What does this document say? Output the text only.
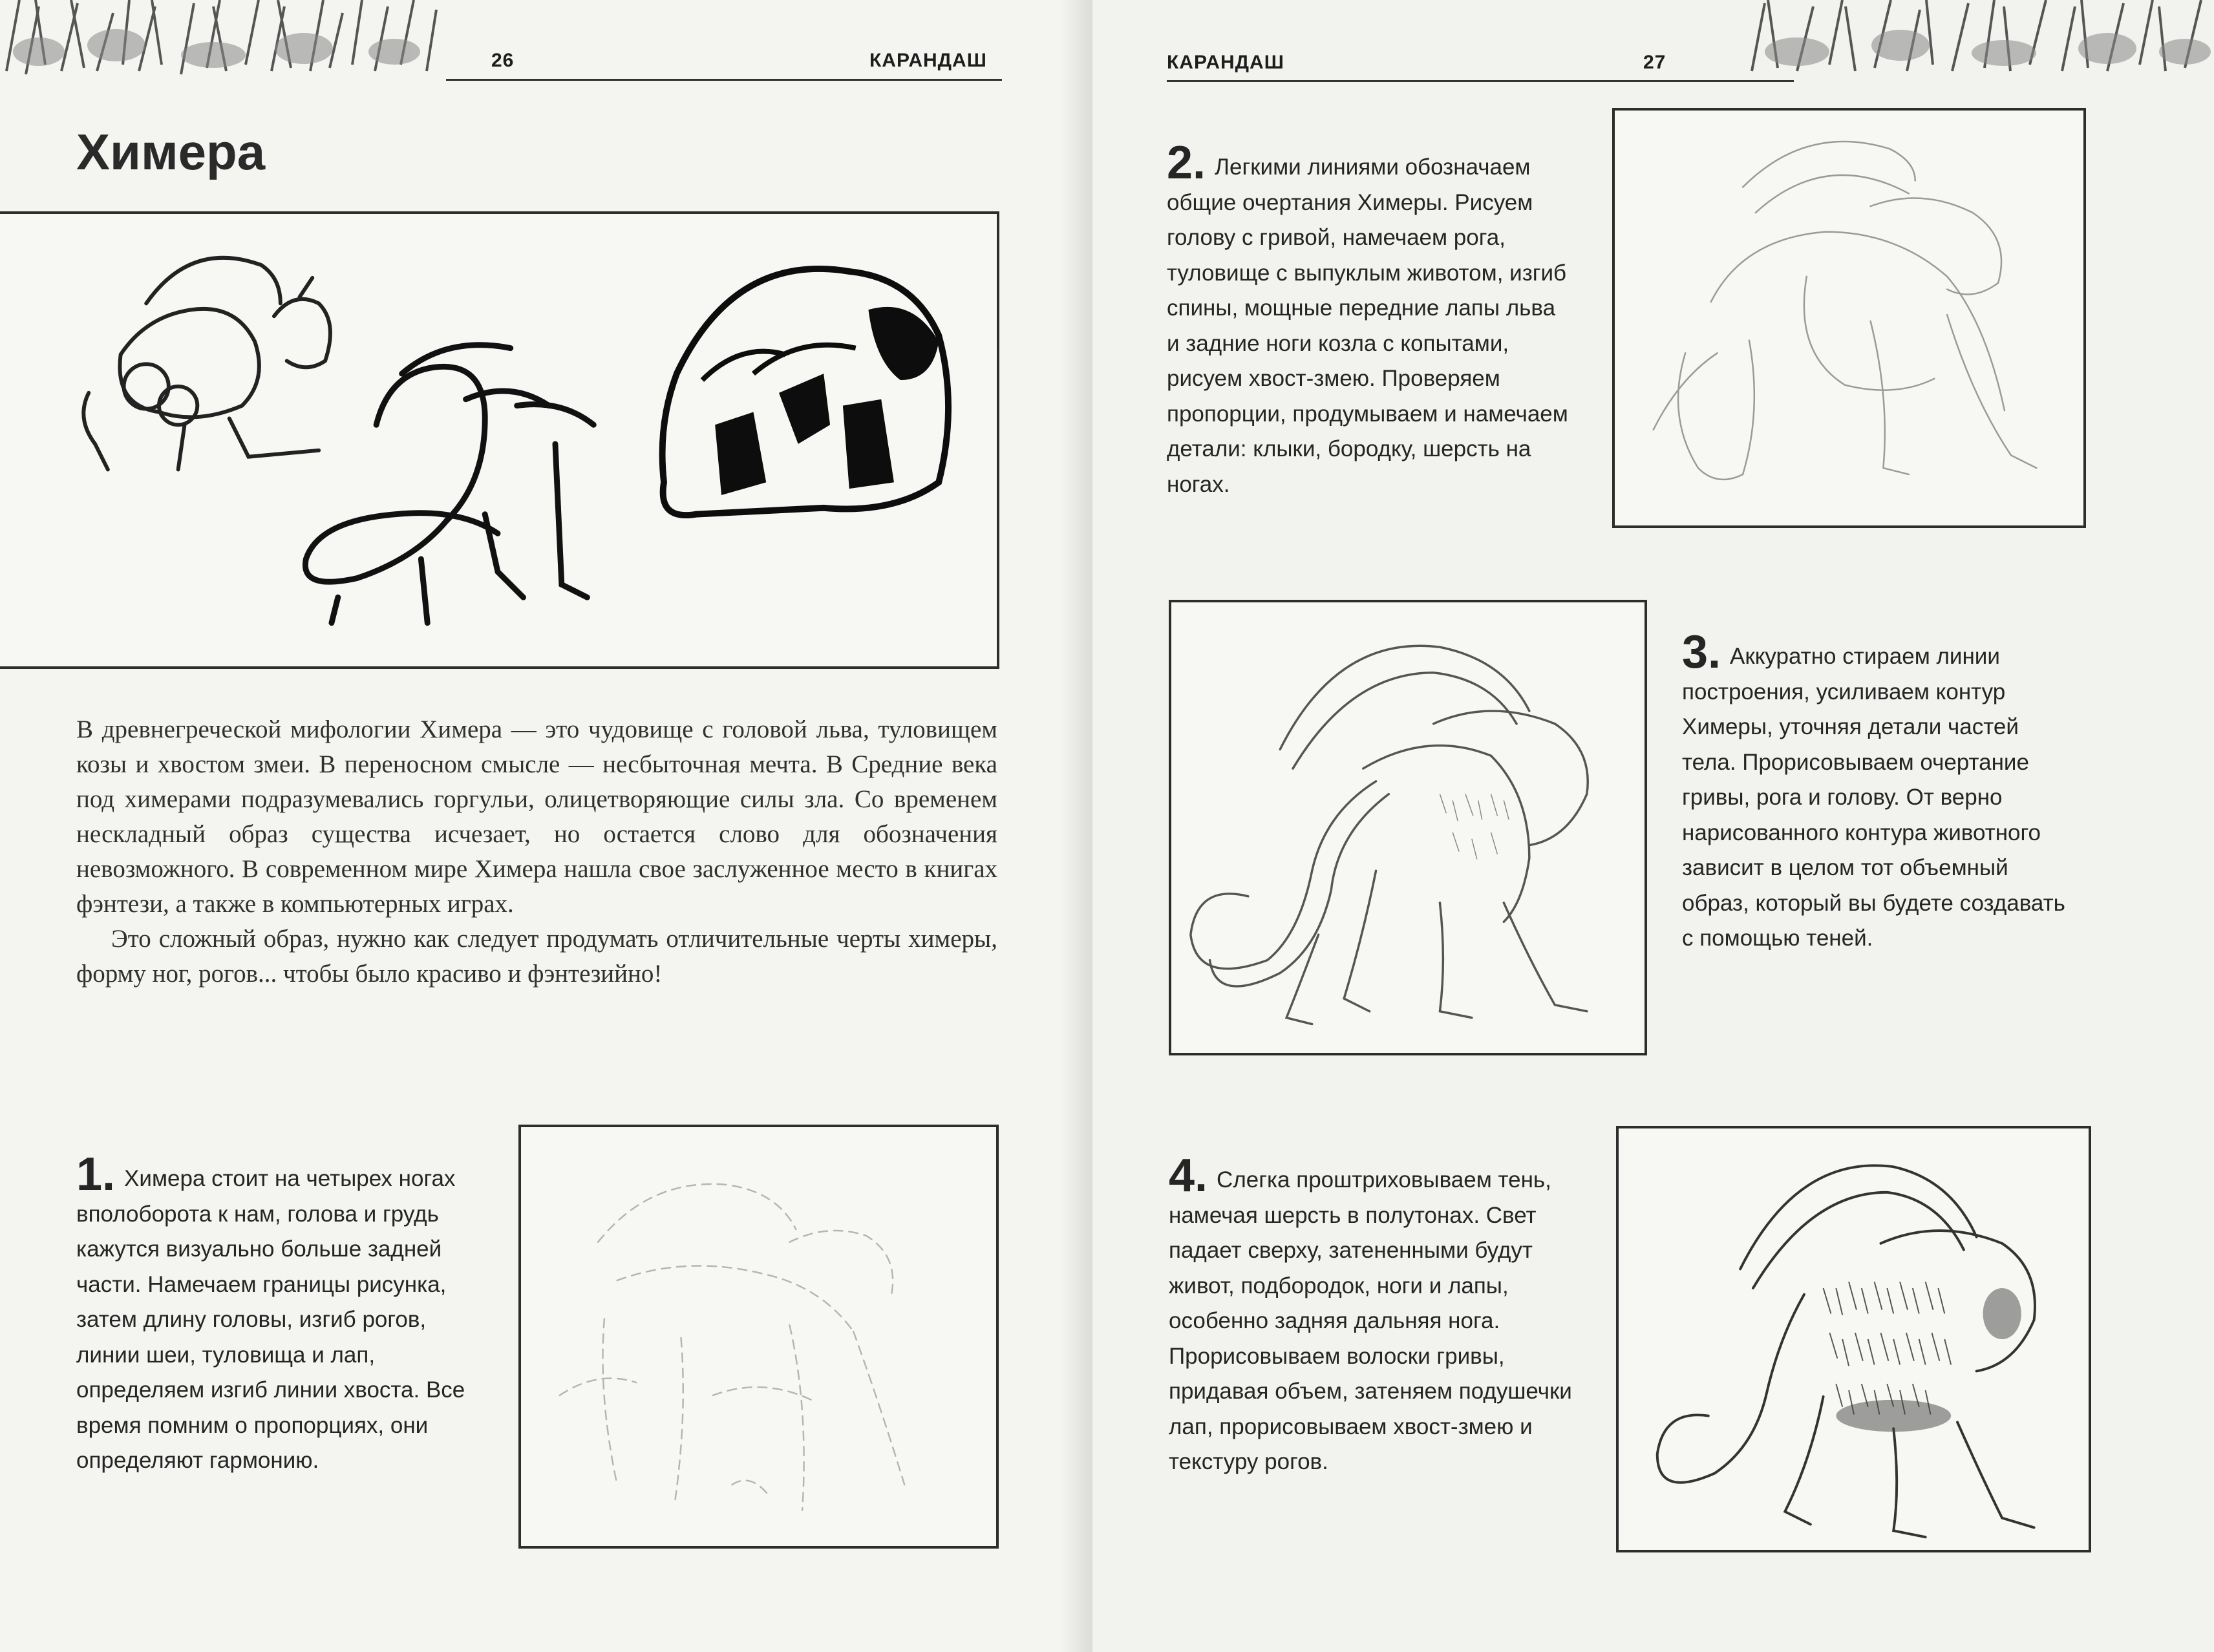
26	КАРАНДАШ
Химера

В древнегреческой мифологии Химера — это чудовище с головой льва, туловищем козы и хвостом змеи. В переносном смысле — несбыточная мечта. В Средние века под химерами подразумевались горгульи, олицетворяющие силы зла. Со временем нескладный образ существа исчезает, но остается слово для обозначения невозможного. В современном мире Химера нашла свое заслуженное место в книгах фэнтези, а также в компьютерных играх.

Это сложный образ, нужно как следует продумать отличительные черты химеры, форму ног, рогов... чтобы было красиво и фэнтезийно!

1. Химера стоит на четырех ногах вполоборота к нам, голова и грудь кажутся визуально больше задней части. Намечаем границы рисунка, затем длину головы, изгиб рогов, линии шеи, туловища и лап, определяем изгиб линии хвоста. Все время помним о пропорциях, они определяют гармонию.
КАРАНДАШ	27
2. Легкими линиями обозначаем общие очертания Химеры. Рисуем голову с гривой, намечаем рога, туловище с выпуклым животом, изгиб спины, мощные передние лапы льва и задние ноги козла с копытами, рисуем хвост-змею. Проверяем пропорции, продумываем и намечаем детали: клыки, бородку, шерсть на ногах.
3. Аккуратно стираем линии построения, усиливаем контур Химеры, уточняя детали частей тела. Прорисовываем очертание гривы, рога и голову. От верно нарисованного контура животного зависит в целом тот объемный образ, который вы будете создавать с помощью теней.
4. Слегка проштриховываем тень, намечая шерсть в полутонах. Свет падает сверху, затененными будут живот, подбородок, ноги и лапы, особенно задняя дальняя нога. Прорисовываем волоски гривы, придавая объем, затеняем подушечки лап, прорисовываем хвост-змею и текстуру рогов.
